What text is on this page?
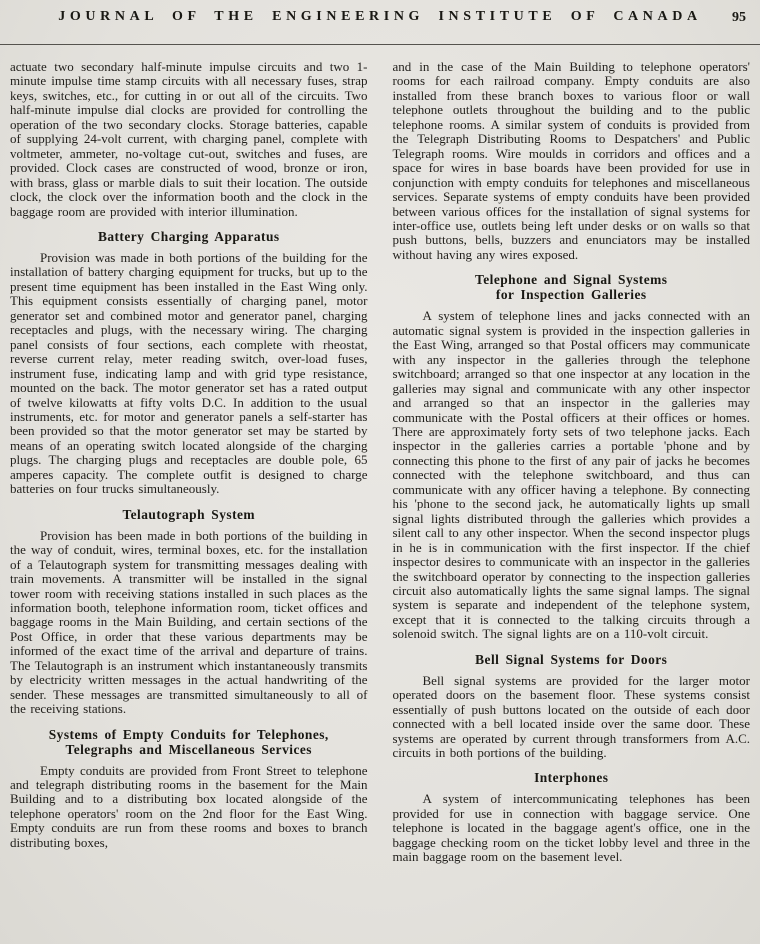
JOURNAL OF THE ENGINEERING INSTITUTE OF CANADA	95

actuate two secondary half-minute impulse circuits and two 1-minute impulse time stamp circuits with all necessary fuses, strap keys, switches, etc., for cutting in or out all of the circuits. Two half-minute impulse dial clocks are provided for controlling the operation of the two secondary clocks. Storage batteries, capable of supplying 24-volt current, with charging panel, complete with voltmeter, ammeter, no-voltage cut-out, switches and fuses, are provided. Clock cases are constructed of wood, bronze or iron, with brass, glass or marble dials to suit their location. The outside clock, the clock over the information booth and the clock in the baggage room are provided with interior illumination.

Battery Charging Apparatus

Provision was made in both portions of the building for the installation of battery charging equipment for trucks, but up to the present time equipment has been installed in the East Wing only. This equipment consists essentially of charging panel, motor generator set and combined motor and generator panel, charging receptacles and plugs, with the necessary wiring. The charging panel consists of four sections, each complete with rheostat, reverse current relay, meter reading switch, over-load fuses, instrument fuse, indicating lamp and with grid type resistance, mounted on the back. The motor generator set has a rated output of twelve kilowatts at fifty volts D.C. In addition to the usual instruments, etc. for motor and generator panels a self-starter has been provided so that the motor generator set may be started by means of an operating switch located alongside of the charging plugs. The charging plugs and receptacles are double pole, 65 amperes capacity. The complete outfit is designed to charge batteries on four trucks simultaneously.

Telautograph System

Provision has been made in both portions of the building in the way of conduit, wires, terminal boxes, etc. for the installation of a Telautograph system for transmitting messages dealing with train movements. A transmitter will be installed in the signal tower room with receiving stations installed in such places as the information booth, telephone information room, ticket offices and baggage rooms in the Main Building, and certain sections of the Post Office, in order that these various departments may be informed of the exact time of the arrival and departure of trains. The Telautograph is an instrument which instantaneously transmits by electricity written messages in the actual handwriting of the sender. These messages are transmitted simultaneously to all of the receiving stations.

Systems of Empty Conduits for Telephones,
Telegraphs and Miscellaneous Services

Empty conduits are provided from Front Street to telephone and telegraph distributing rooms in the basement for the Main Building and to a distributing box located alongside of the telephone operators' room on the 2nd floor for the East Wing. Empty conduits are run from these rooms and boxes to branch distributing boxes,

and in the case of the Main Building to telephone operators' rooms for each railroad company. Empty conduits are also installed from these branch boxes to various floor or wall telephone outlets throughout the building and to the public telephone rooms. A similar system of conduits is provided from the Telegraph Distributing Rooms to Despatchers' and Public Telegraph rooms. Wire moulds in corridors and offices and a space for wires in base boards have been provided for use in conjunction with empty conduits for telephones and miscellaneous services. Separate systems of empty conduits have been provided between various offices for the installation of signal systems for inter-office use, outlets being left under desks or on walls so that push buttons, bells, buzzers and enunciators may be installed without having any wires exposed.

Telephone and Signal Systems
for Inspection Galleries

A system of telephone lines and jacks connected with an automatic signal system is provided in the inspection galleries in the East Wing, arranged so that Postal officers may communicate with any inspector in the galleries through the telephone switchboard; arranged so that one inspector at any location in the galleries may signal and communicate with any other inspector and arranged so that an inspector in the galleries may communicate with the Postal officers at their offices or homes. There are approximately forty sets of two telephone jacks. Each inspector in the galleries carries a portable 'phone and by connecting this phone to the first of any pair of jacks he becomes connected with the telephone switchboard, and thus can communicate with any officer having a telephone. By connecting his 'phone to the second jack, he automatically lights up small signal lights distributed through the galleries which provides a silent call to any other inspector. When the second inspector plugs in he is in communication with the first inspector. If the chief inspector desires to communicate with an inspector in the galleries the switchboard operator by connecting to the inspection galleries circuit also automatically lights the same signal lamps. The signal system is separate and independent of the telephone system, except that it is connected to the talking circuits through a solenoid switch. The signal lights are on a 110-volt circuit.

Bell Signal Systems for Doors

Bell signal systems are provided for the larger motor operated doors on the basement floor. These systems consist essentially of push buttons located on the outside of each door connected with a bell located inside over the same door. These systems are operated by current through transformers from A.C. circuits in both portions of the building.

Interphones

A system of intercommunicating telephones has been provided for use in connection with baggage service. One telephone is located in the baggage agent's office, one in the baggage checking room on the ticket lobby level and three in the main baggage room on the basement level.
